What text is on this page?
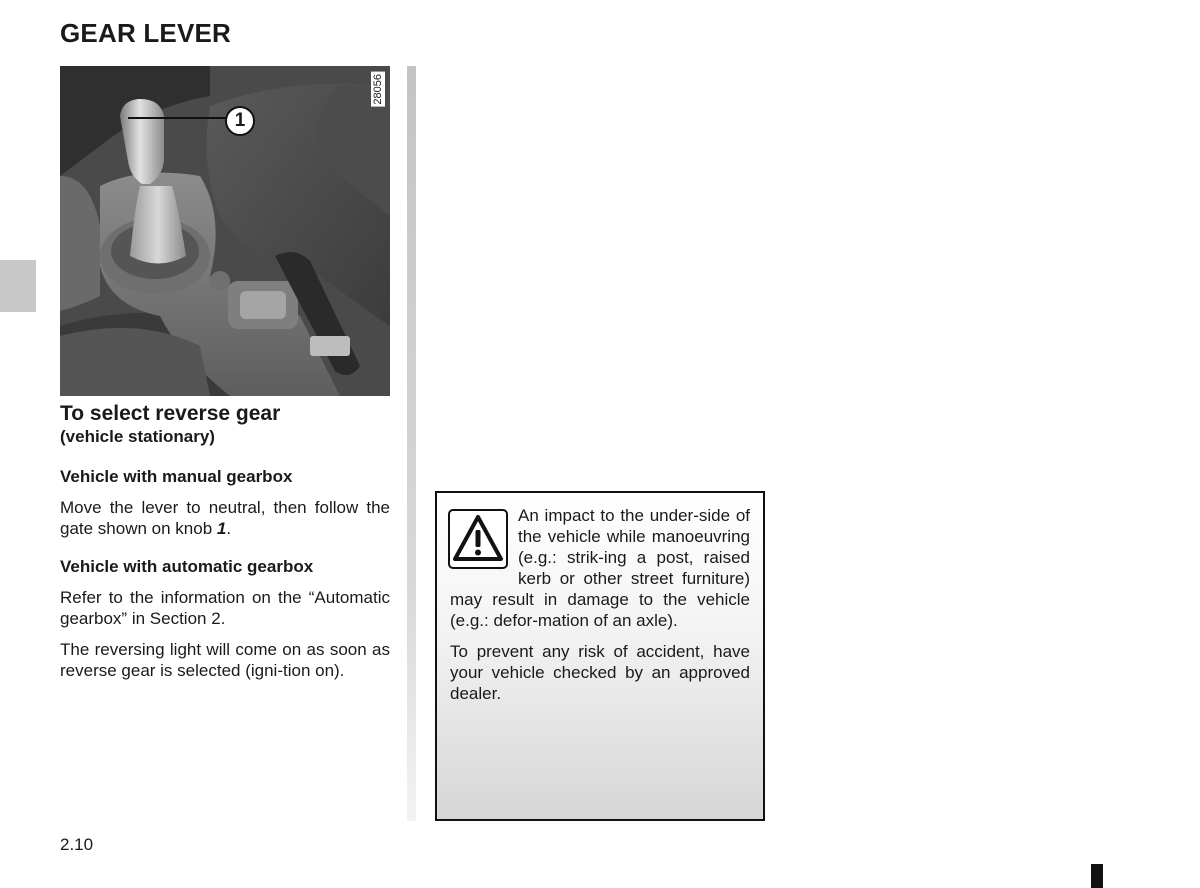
GEAR LEVER
1
28056
To select reverse gear

(vehicle stationary)

Vehicle with manual gearbox

Move the lever to neutral, then follow the gate shown on knob 1.

Vehicle with automatic gearbox

Refer to the information on the “Automatic gearbox” in Section 2.

The reversing light will come on as soon as reverse gear is selected (igni-tion on).

An impact to the under-side of the vehicle while manoeuvring (e.g.: strik-ing a post, raised kerb or other street furniture) may result in damage to the vehicle (e.g.: defor-mation of an axle).

To prevent any risk of accident, have your vehicle checked by an approved dealer.

2.10
